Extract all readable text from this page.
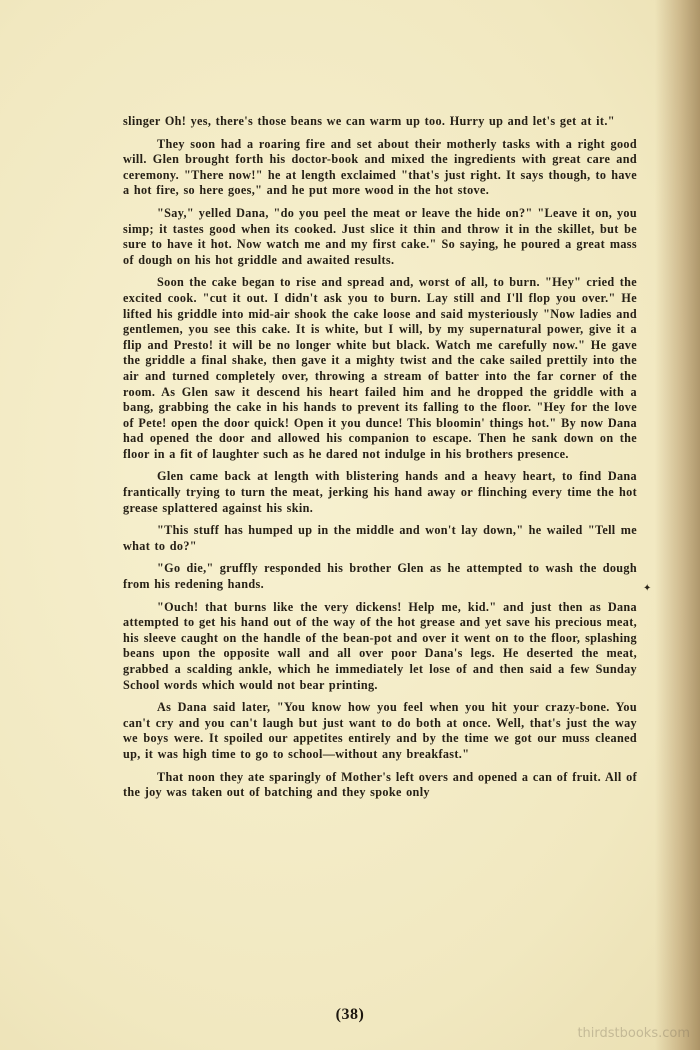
slinger Oh! yes, there's those beans we can warm up too. Hurry up and let's get at it."

They soon had a roaring fire and set about their motherly tasks with a right good will. Glen brought forth his doctor-book and mixed the ingredients with great care and ceremony. "There now!" he at length exclaimed "that's just right. It says though, to have a hot fire, so here goes," and he put more wood in the hot stove.

"Say," yelled Dana, "do you peel the meat or leave the hide on?" "Leave it on, you simp; it tastes good when its cooked. Just slice it thin and throw it in the skillet, but be sure to have it hot. Now watch me and my first cake." So saying, he poured a great mass of dough on his hot griddle and awaited results.

Soon the cake began to rise and spread and, worst of all, to burn. "Hey" cried the excited cook. "cut it out. I didn't ask you to burn. Lay still and I'll flop you over." He lifted his griddle into mid-air shook the cake loose and said mysteriously "Now ladies and gentlemen, you see this cake. It is white, but I will, by my supernatural power, give it a flip and Presto! it will be no longer white but black. Watch me carefully now." He gave the griddle a final shake, then gave it a mighty twist and the cake sailed prettily into the air and turned completely over, throwing a stream of batter into the far corner of the room. As Glen saw it descend his heart failed him and he dropped the griddle with a bang, grabbing the cake in his hands to prevent its falling to the floor. "Hey for the love of Pete! open the door quick! Open it you dunce! This bloomin' things hot." By now Dana had opened the door and allowed his companion to escape. Then he sank down on the floor in a fit of laughter such as he dared not indulge in his brothers presence.

Glen came back at length with blistering hands and a heavy heart, to find Dana frantically trying to turn the meat, jerking his hand away or flinching every time the hot grease splattered against his skin.

"This stuff has humped up in the middle and won't lay down," he wailed "Tell me what to do?"

"Go die," gruffly responded his brother Glen as he attempted to wash the dough from his redening hands.

"Ouch! that burns like the very dickens! Help me, kid." and just then as Dana attempted to get his hand out of the way of the hot grease and yet save his precious meat, his sleeve caught on the handle of the bean-pot and over it went on to the floor, splashing beans upon the opposite wall and all over poor Dana's legs. He deserted the meat, grabbed a scalding ankle, which he immediately let lose of and then said a few Sunday School words which would not bear printing.

As Dana said later, "You know how you feel when you hit your crazy-bone. You can't cry and you can't laugh but just want to do both at once. Well, that's just the way we boys were. It spoiled our appetites entirely and by the time we got our muss cleaned up, it was high time to go to school—without any breakfast."

That noon they ate sparingly of Mother's left overs and opened a can of fruit. All of the joy was taken out of batching and they spoke only

✦
(38)
thirdstbooks.com
